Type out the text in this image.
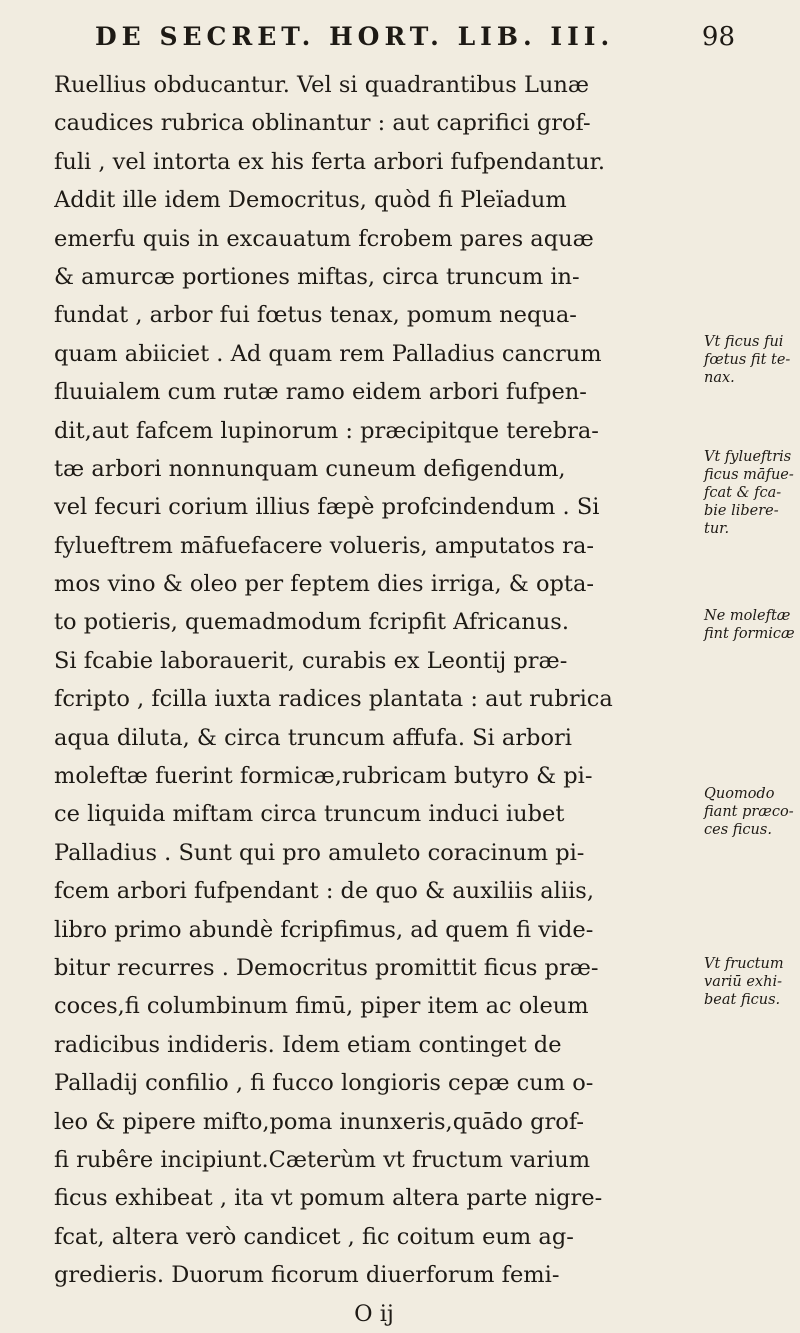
DE SECRET. HORT. LIB. III.	98
Ruellius obducantur. Vel si quadrantibus Lunæ
caudices rubrica oblinantur : aut caprifici grof-
fuli , vel intorta ex his ferta arbori fufpendantur.
Addit ille idem Democritus, quòd fi Pleïadum
emerfu quis in excauatum fcrobem pares aquæ
& amurcæ portiones miftas, circa truncum in-
fundat , arbor fui fœtus tenax, pomum nequa-
quam abiiciet . Ad quam rem Palladius cancrum
fluuialem cum rutæ ramo eidem arbori fufpen-
dit,aut fafcem lupinorum : præcipitque terebra-
tæ arbori nonnunquam cuneum defigendum,
vel fecuri corium illius fæpè profcindendum . Si
fylueftrem māfuefacere volueris, amputatos ra-
mos vino & oleo per feptem dies irriga, & opta-
to potieris, quemadmodum fcripfit Africanus.
Si fcabie laborauerit, curabis ex Leontij præ-
fcripto , fcilla iuxta radices plantata : aut rubrica
aqua diluta, & circa truncum affufa. Si arbori
moleftæ fuerint formicæ,rubricam butyro & pi-
ce liquida miftam circa truncum induci iubet
Palladius . Sunt qui pro amuleto coracinum pi-
fcem arbori fufpendant : de quo & auxiliis aliis,
libro primo abundè fcripfimus, ad quem fi vide-
bitur recurres . Democritus promittit ficus præ-
coces,fi columbinum fimū, piper item ac oleum
radicibus indideris. Idem etiam continget de
Palladij confilio , fi fucco longioris cepæ cum o-
leo & pipere mifto,poma inunxeris,quādo grof-
fi rubêre incipiunt.Cæterùm vt fructum varium
ficus exhibeat , ita vt pomum altera parte nigre-
fcat, altera verò candicet , fic coitum eum ag-
gredieris. Duorum ficorum diuerforum femi-
O ij
Vt ficus fui
fœtus fit te-
nax.
Vt fylueftris
ficus māfue-
fcat & fca-
bie libere-
tur.
Ne moleftæ
fint formicæ
Quomodo
fiant præco-
ces ficus.
Vt fructum
variū exhi-
beat ficus.
